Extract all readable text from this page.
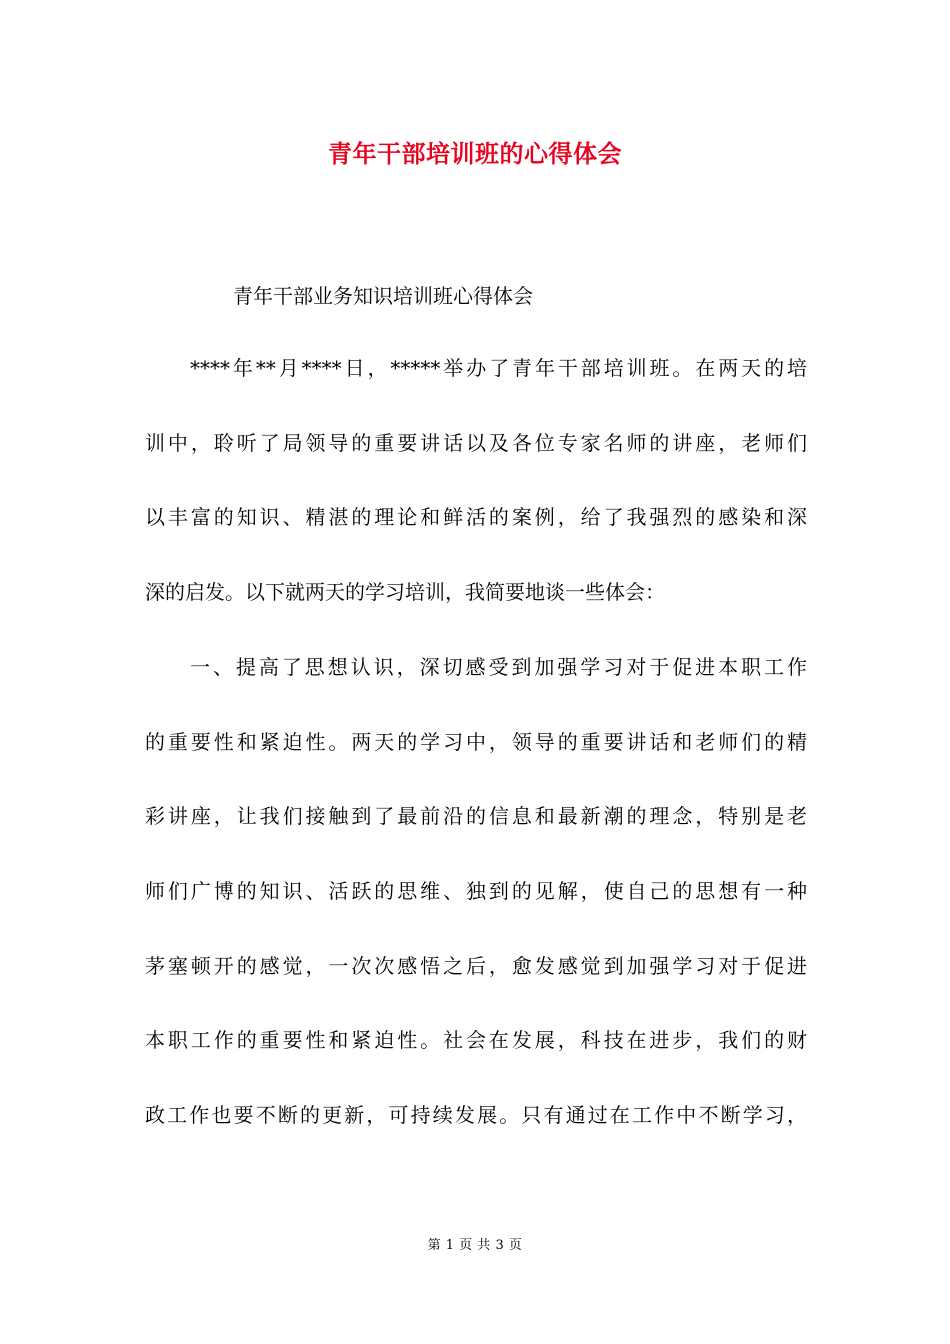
青年干部培训班的心得体会
青年干部业务知识培训班心得体会
****年**月****日，*****举办了青年干部培训班。在两天的培
训中，聆听了局领导的重要讲话以及各位专家名师的讲座，老师们
以丰富的知识、精湛的理论和鲜活的案例，给了我强烈的感染和深
深的启发。以下就两天的学习培训，我简要地谈一些体会：
一、提高了思想认识，深切感受到加强学习对于促进本职工作
的重要性和紧迫性。两天的学习中，领导的重要讲话和老师们的精
彩讲座，让我们接触到了最前沿的信息和最新潮的理念，特别是老
师们广博的知识、活跃的思维、独到的见解，使自己的思想有一种
茅塞顿开的感觉，一次次感悟之后，愈发感觉到加强学习对于促进
本职工作的重要性和紧迫性。社会在发展，科技在进步，我们的财
政工作也要不断的更新，可持续发展。只有通过在工作中不断学习，
第 1 页 共 3 页
